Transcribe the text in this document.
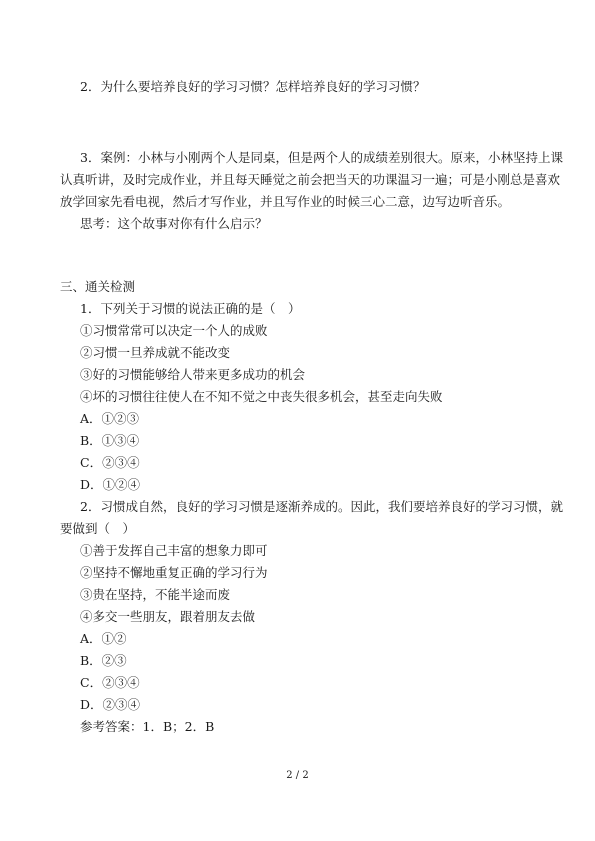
2．为什么要培养良好的学习习惯？怎样培养良好的学习习惯？
3．案例：小林与小刚两个人是同桌，但是两个人的成绩差别很大。原来，小林坚持上课
认真听讲，及时完成作业，并且每天睡觉之前会把当天的功课温习一遍；可是小刚总是喜欢
放学回家先看电视，然后才写作业，并且写作业的时候三心二意，边写边听音乐。
思考：这个故事对你有什么启示？
三、通关检测
1．下列关于习惯的说法正确的是（　）
①习惯常常可以决定一个人的成败
②习惯一旦养成就不能改变
③好的习惯能够给人带来更多成功的机会
④坏的习惯往往使人在不知不觉之中丧失很多机会，甚至走向失败
A．①②③
B．①③④
C．②③④
D．①②④
2．习惯成自然，良好的学习习惯是逐渐养成的。因此，我们要培养良好的学习习惯，就
要做到（　）
①善于发挥自己丰富的想象力即可
②坚持不懈地重复正确的学习行为
③贵在坚持，不能半途而废
④多交一些朋友，跟着朋友去做
A．①②
B．②③
C．②③④
D．②③④
参考答案：1．B；2．B
2 / 2
